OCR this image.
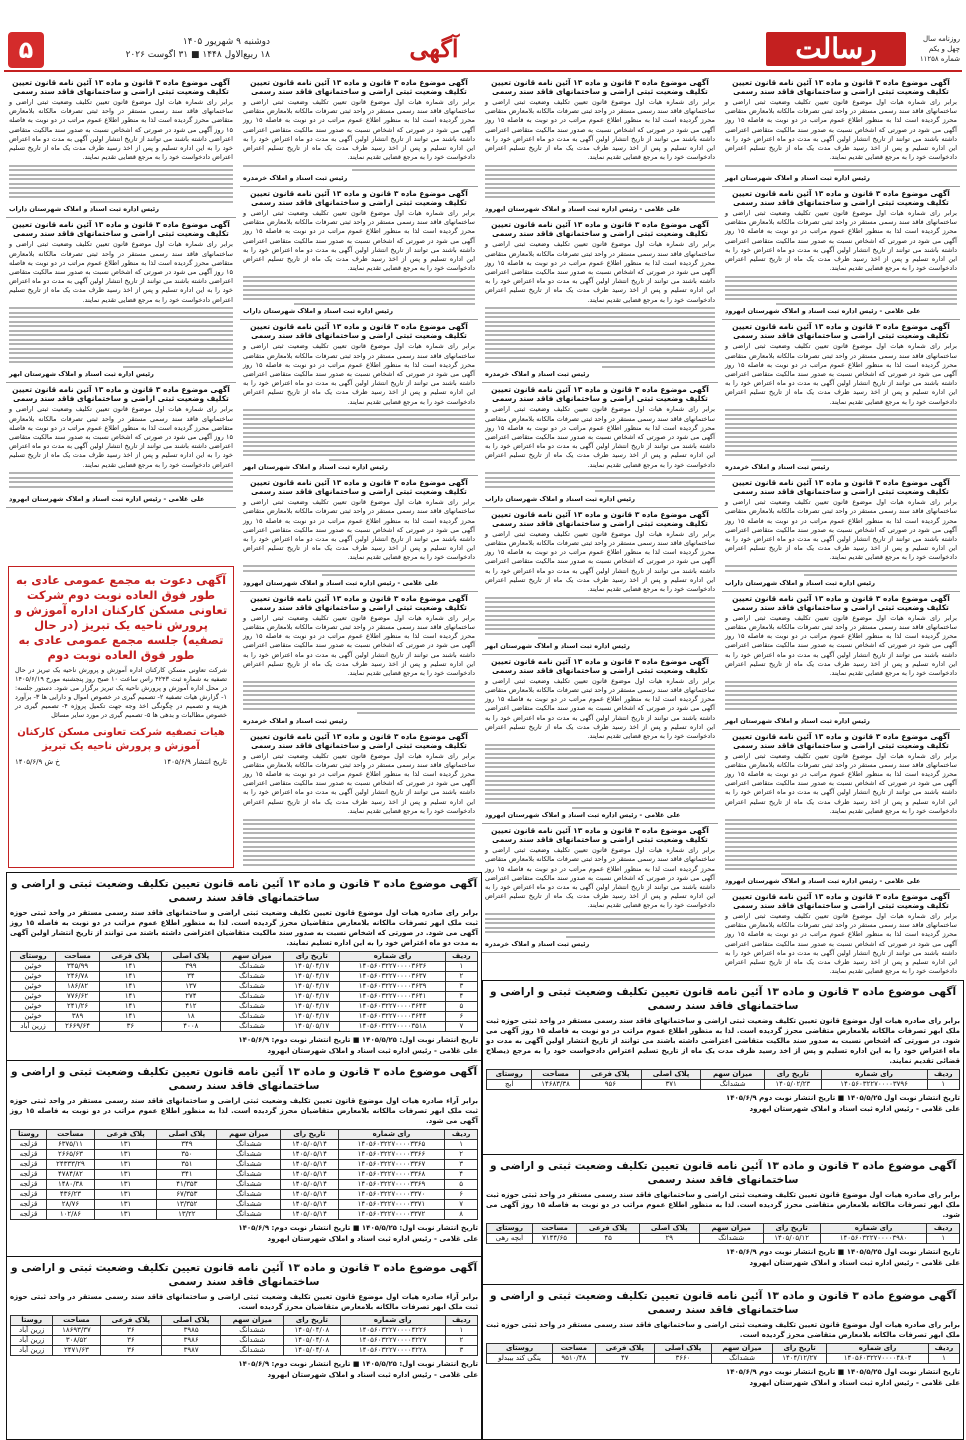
۵	دوشنبه ۹ شهریور ۱۴۰۵
۱۸ ربیع‌الاول ۱۴۴۸ ■ ۳۱ اگوست ۲۰۲۶	آگهی	رسالت	روزنامه سال چهل و یکم
شماره ۱۱۲۵۸
آگهی موضوع ماده ۳ قانون و ماده ۱۳ آئین نامه قانون تعیین تکلیف وضعیت ثبتی اراضی و ساختمانهای فاقد سند رسمی

برابر رای شماره هیات اول موضوع قانون تعیین تکلیف وضعیت ثبتی اراضی و ساختمانهای فاقد سند رسمی مستقر در واحد ثبتی تصرفات مالکانه بلامعارض متقاضی محرز گردیده است لذا به منظور اطلاع عموم مراتب در دو نوبت به فاصله ۱۵ روز آگهی می شود در صورتی که اشخاص نسبت به صدور سند مالکیت متقاضی اعتراضی داشته باشند می توانند از تاریخ انتشار اولین آگهی به مدت دو ماه اعتراض خود را به این اداره تسلیم و پس از اخذ رسید ظرف مدت یک ماه از تاریخ تسلیم اعتراض دادخواست خود را به مرجع قضایی تقدیم نمایند.

رئیس اداره ثبت اسناد و املاک شهرستان ابهر
آگهی موضوع ماده ۳ قانون و ماده ۱۳ آئین نامه قانون تعیین تکلیف وضعیت ثبتی اراضی و ساختمانهای فاقد سند رسمی

برابر رای شماره هیات اول موضوع قانون تعیین تکلیف وضعیت ثبتی اراضی و ساختمانهای فاقد سند رسمی مستقر در واحد ثبتی تصرفات مالکانه بلامعارض متقاضی محرز گردیده است لذا به منظور اطلاع عموم مراتب در دو نوبت به فاصله ۱۵ روز آگهی می شود در صورتی که اشخاص نسبت به صدور سند مالکیت متقاضی اعتراضی داشته باشند می توانند از تاریخ انتشار اولین آگهی به مدت دو ماه اعتراض خود را به این اداره تسلیم و پس از اخذ رسید ظرف مدت یک ماه از تاریخ تسلیم اعتراض دادخواست خود را به مرجع قضایی تقدیم نمایند.

علی غلامی - رئیس اداره ثبت اسناد و املاک شهرستان ابهرود
آگهی موضوع ماده ۳ قانون و ماده ۱۳ آئین نامه قانون تعیین تکلیف وضعیت ثبتی اراضی و ساختمانهای فاقد سند رسمی

برابر رای شماره هیات اول موضوع قانون تعیین تکلیف وضعیت ثبتی اراضی و ساختمانهای فاقد سند رسمی مستقر در واحد ثبتی تصرفات مالکانه بلامعارض متقاضی محرز گردیده است لذا به منظور اطلاع عموم مراتب در دو نوبت به فاصله ۱۵ روز آگهی می شود در صورتی که اشخاص نسبت به صدور سند مالکیت متقاضی اعتراضی داشته باشند می توانند از تاریخ انتشار اولین آگهی به مدت دو ماه اعتراض خود را به این اداره تسلیم و پس از اخذ رسید ظرف مدت یک ماه از تاریخ تسلیم اعتراض دادخواست خود را به مرجع قضایی تقدیم نمایند.

رئیس ثبت اسناد و املاک خرمدره
آگهی موضوع ماده ۳ قانون و ماده ۱۳ آئین نامه قانون تعیین تکلیف وضعیت ثبتی اراضی و ساختمانهای فاقد سند رسمی

برابر رای شماره هیات اول موضوع قانون تعیین تکلیف وضعیت ثبتی اراضی و ساختمانهای فاقد سند رسمی مستقر در واحد ثبتی تصرفات مالکانه بلامعارض متقاضی محرز گردیده است لذا به منظور اطلاع عموم مراتب در دو نوبت به فاصله ۱۵ روز آگهی می شود در صورتی که اشخاص نسبت به صدور سند مالکیت متقاضی اعتراضی داشته باشند می توانند از تاریخ انتشار اولین آگهی به مدت دو ماه اعتراض خود را به این اداره تسلیم و پس از اخذ رسید ظرف مدت یک ماه از تاریخ تسلیم اعتراض دادخواست خود را به مرجع قضایی تقدیم نمایند.

رئیس اداره ثبت اسناد و املاک شهرستان داراب
آگهی موضوع ماده ۳ قانون و ماده ۱۳ آئین نامه قانون تعیین تکلیف وضعیت ثبتی اراضی و ساختمانهای فاقد سند رسمی

برابر رای شماره هیات اول موضوع قانون تعیین تکلیف وضعیت ثبتی اراضی و ساختمانهای فاقد سند رسمی مستقر در واحد ثبتی تصرفات مالکانه بلامعارض متقاضی محرز گردیده است لذا به منظور اطلاع عموم مراتب در دو نوبت به فاصله ۱۵ روز آگهی می شود در صورتی که اشخاص نسبت به صدور سند مالکیت متقاضی اعتراضی داشته باشند می توانند از تاریخ انتشار اولین آگهی به مدت دو ماه اعتراض خود را به این اداره تسلیم و پس از اخذ رسید ظرف مدت یک ماه از تاریخ تسلیم اعتراض دادخواست خود را به مرجع قضایی تقدیم نمایند.

رئیس اداره ثبت اسناد و املاک شهرستان ابهر
آگهی موضوع ماده ۳ قانون و ماده ۱۳ آئین نامه قانون تعیین تکلیف وضعیت ثبتی اراضی و ساختمانهای فاقد سند رسمی

برابر رای شماره هیات اول موضوع قانون تعیین تکلیف وضعیت ثبتی اراضی و ساختمانهای فاقد سند رسمی مستقر در واحد ثبتی تصرفات مالکانه بلامعارض متقاضی محرز گردیده است لذا به منظور اطلاع عموم مراتب در دو نوبت به فاصله ۱۵ روز آگهی می شود در صورتی که اشخاص نسبت به صدور سند مالکیت متقاضی اعتراضی داشته باشند می توانند از تاریخ انتشار اولین آگهی به مدت دو ماه اعتراض خود را به این اداره تسلیم و پس از اخذ رسید ظرف مدت یک ماه از تاریخ تسلیم اعتراض دادخواست خود را به مرجع قضایی تقدیم نمایند.

علی غلامی - رئیس اداره ثبت اسناد و املاک شهرستان ابهرود
آگهی موضوع ماده ۳ قانون و ماده ۱۳ آئین نامه قانون تعیین تکلیف وضعیت ثبتی اراضی و ساختمانهای فاقد سند رسمی

برابر رای شماره هیات اول موضوع قانون تعیین تکلیف وضعیت ثبتی اراضی و ساختمانهای فاقد سند رسمی مستقر در واحد ثبتی تصرفات مالکانه بلامعارض متقاضی محرز گردیده است لذا به منظور اطلاع عموم مراتب در دو نوبت به فاصله ۱۵ روز آگهی می شود در صورتی که اشخاص نسبت به صدور سند مالکیت متقاضی اعتراضی داشته باشند می توانند از تاریخ انتشار اولین آگهی به مدت دو ماه اعتراض خود را به این اداره تسلیم و پس از اخذ رسید ظرف مدت یک ماه از تاریخ تسلیم اعتراض دادخواست خود را به مرجع قضایی تقدیم نمایند.

آگهی موضوع ماده ۳ قانون و ماده ۱۳ آئین نامه قانون تعیین تکلیف وضعیت ثبتی اراضی و ساختمانهای فاقد سند رسمی

برابر رای شماره هیات اول موضوع قانون تعیین تکلیف وضعیت ثبتی اراضی و ساختمانهای فاقد سند رسمی مستقر در واحد ثبتی تصرفات مالکانه بلامعارض متقاضی محرز گردیده است لذا به منظور اطلاع عموم مراتب در دو نوبت به فاصله ۱۵ روز آگهی می شود در صورتی که اشخاص نسبت به صدور سند مالکیت متقاضی اعتراضی داشته باشند می توانند از تاریخ انتشار اولین آگهی به مدت دو ماه اعتراض خود را به این اداره تسلیم و پس از اخذ رسید ظرف مدت یک ماه از تاریخ تسلیم اعتراض دادخواست خود را به مرجع قضایی تقدیم نمایند.

علی غلامی - رئیس اداره ثبت اسناد و املاک شهرستان ابهرود
آگهی موضوع ماده ۳ قانون و ماده ۱۳ آئین نامه قانون تعیین تکلیف وضعیت ثبتی اراضی و ساختمانهای فاقد سند رسمی

برابر رای شماره هیات اول موضوع قانون تعیین تکلیف وضعیت ثبتی اراضی و ساختمانهای فاقد سند رسمی مستقر در واحد ثبتی تصرفات مالکانه بلامعارض متقاضی محرز گردیده است لذا به منظور اطلاع عموم مراتب در دو نوبت به فاصله ۱۵ روز آگهی می شود در صورتی که اشخاص نسبت به صدور سند مالکیت متقاضی اعتراضی داشته باشند می توانند از تاریخ انتشار اولین آگهی به مدت دو ماه اعتراض خود را به این اداره تسلیم و پس از اخذ رسید ظرف مدت یک ماه از تاریخ تسلیم اعتراض دادخواست خود را به مرجع قضایی تقدیم نمایند.

رئیس ثبت اسناد و املاک خرمدره
آگهی موضوع ماده ۳ قانون و ماده ۱۳ آئین نامه قانون تعیین تکلیف وضعیت ثبتی اراضی و ساختمانهای فاقد سند رسمی

برابر رای شماره هیات اول موضوع قانون تعیین تکلیف وضعیت ثبتی اراضی و ساختمانهای فاقد سند رسمی مستقر در واحد ثبتی تصرفات مالکانه بلامعارض متقاضی محرز گردیده است لذا به منظور اطلاع عموم مراتب در دو نوبت به فاصله ۱۵ روز آگهی می شود در صورتی که اشخاص نسبت به صدور سند مالکیت متقاضی اعتراضی داشته باشند می توانند از تاریخ انتشار اولین آگهی به مدت دو ماه اعتراض خود را به این اداره تسلیم و پس از اخذ رسید ظرف مدت یک ماه از تاریخ تسلیم اعتراض دادخواست خود را به مرجع قضایی تقدیم نمایند.

رئیس اداره ثبت اسناد و املاک شهرستان داراب
آگهی موضوع ماده ۳ قانون و ماده ۱۳ آئین نامه قانون تعیین تکلیف وضعیت ثبتی اراضی و ساختمانهای فاقد سند رسمی

برابر رای شماره هیات اول موضوع قانون تعیین تکلیف وضعیت ثبتی اراضی و ساختمانهای فاقد سند رسمی مستقر در واحد ثبتی تصرفات مالکانه بلامعارض متقاضی محرز گردیده است لذا به منظور اطلاع عموم مراتب در دو نوبت به فاصله ۱۵ روز آگهی می شود در صورتی که اشخاص نسبت به صدور سند مالکیت متقاضی اعتراضی داشته باشند می توانند از تاریخ انتشار اولین آگهی به مدت دو ماه اعتراض خود را به این اداره تسلیم و پس از اخذ رسید ظرف مدت یک ماه از تاریخ تسلیم اعتراض دادخواست خود را به مرجع قضایی تقدیم نمایند.

رئیس اداره ثبت اسناد و املاک شهرستان ابهر
آگهی موضوع ماده ۳ قانون و ماده ۱۳ آئین نامه قانون تعیین تکلیف وضعیت ثبتی اراضی و ساختمانهای فاقد سند رسمی

برابر رای شماره هیات اول موضوع قانون تعیین تکلیف وضعیت ثبتی اراضی و ساختمانهای فاقد سند رسمی مستقر در واحد ثبتی تصرفات مالکانه بلامعارض متقاضی محرز گردیده است لذا به منظور اطلاع عموم مراتب در دو نوبت به فاصله ۱۵ روز آگهی می شود در صورتی که اشخاص نسبت به صدور سند مالکیت متقاضی اعتراضی داشته باشند می توانند از تاریخ انتشار اولین آگهی به مدت دو ماه اعتراض خود را به این اداره تسلیم و پس از اخذ رسید ظرف مدت یک ماه از تاریخ تسلیم اعتراض دادخواست خود را به مرجع قضایی تقدیم نمایند.

علی غلامی - رئیس اداره ثبت اسناد و املاک شهرستان ابهرود
آگهی موضوع ماده ۳ قانون و ماده ۱۳ آئین نامه قانون تعیین تکلیف وضعیت ثبتی اراضی و ساختمانهای فاقد سند رسمی

برابر رای شماره هیات اول موضوع قانون تعیین تکلیف وضعیت ثبتی اراضی و ساختمانهای فاقد سند رسمی مستقر در واحد ثبتی تصرفات مالکانه بلامعارض متقاضی محرز گردیده است لذا به منظور اطلاع عموم مراتب در دو نوبت به فاصله ۱۵ روز آگهی می شود در صورتی که اشخاص نسبت به صدور سند مالکیت متقاضی اعتراضی داشته باشند می توانند از تاریخ انتشار اولین آگهی به مدت دو ماه اعتراض خود را به این اداره تسلیم و پس از اخذ رسید ظرف مدت یک ماه از تاریخ تسلیم اعتراض دادخواست خود را به مرجع قضایی تقدیم نمایند.

رئیس ثبت اسناد و املاک خرمدره
آگهی موضوع ماده ۳ قانون و ماده ۱۳ آئین نامه قانون تعیین تکلیف وضعیت ثبتی اراضی و ساختمانهای فاقد سند رسمی

برابر رای شماره هیات اول موضوع قانون تعیین تکلیف وضعیت ثبتی اراضی و ساختمانهای فاقد سند رسمی مستقر در واحد ثبتی تصرفات مالکانه بلامعارض متقاضی محرز گردیده است لذا به منظور اطلاع عموم مراتب در دو نوبت به فاصله ۱۵ روز آگهی می شود در صورتی که اشخاص نسبت به صدور سند مالکیت متقاضی اعتراضی داشته باشند می توانند از تاریخ انتشار اولین آگهی به مدت دو ماه اعتراض خود را به این اداره تسلیم و پس از اخذ رسید ظرف مدت یک ماه از تاریخ تسلیم اعتراض دادخواست خود را به مرجع قضایی تقدیم نمایند.

رئیس ثبت اسناد و املاک خرمدره
آگهی موضوع ماده ۳ قانون و ماده ۱۳ آئین نامه قانون تعیین تکلیف وضعیت ثبتی اراضی و ساختمانهای فاقد سند رسمی

برابر رای شماره هیات اول موضوع قانون تعیین تکلیف وضعیت ثبتی اراضی و ساختمانهای فاقد سند رسمی مستقر در واحد ثبتی تصرفات مالکانه بلامعارض متقاضی محرز گردیده است لذا به منظور اطلاع عموم مراتب در دو نوبت به فاصله ۱۵ روز آگهی می شود در صورتی که اشخاص نسبت به صدور سند مالکیت متقاضی اعتراضی داشته باشند می توانند از تاریخ انتشار اولین آگهی به مدت دو ماه اعتراض خود را به این اداره تسلیم و پس از اخذ رسید ظرف مدت یک ماه از تاریخ تسلیم اعتراض دادخواست خود را به مرجع قضایی تقدیم نمایند.

رئیس اداره ثبت اسناد و املاک شهرستان داراب
آگهی موضوع ماده ۳ قانون و ماده ۱۳ آئین نامه قانون تعیین تکلیف وضعیت ثبتی اراضی و ساختمانهای فاقد سند رسمی

برابر رای شماره هیات اول موضوع قانون تعیین تکلیف وضعیت ثبتی اراضی و ساختمانهای فاقد سند رسمی مستقر در واحد ثبتی تصرفات مالکانه بلامعارض متقاضی محرز گردیده است لذا به منظور اطلاع عموم مراتب در دو نوبت به فاصله ۱۵ روز آگهی می شود در صورتی که اشخاص نسبت به صدور سند مالکیت متقاضی اعتراضی داشته باشند می توانند از تاریخ انتشار اولین آگهی به مدت دو ماه اعتراض خود را به این اداره تسلیم و پس از اخذ رسید ظرف مدت یک ماه از تاریخ تسلیم اعتراض دادخواست خود را به مرجع قضایی تقدیم نمایند.

رئیس اداره ثبت اسناد و املاک شهرستان ابهر
آگهی موضوع ماده ۳ قانون و ماده ۱۳ آئین نامه قانون تعیین تکلیف وضعیت ثبتی اراضی و ساختمانهای فاقد سند رسمی

برابر رای شماره هیات اول موضوع قانون تعیین تکلیف وضعیت ثبتی اراضی و ساختمانهای فاقد سند رسمی مستقر در واحد ثبتی تصرفات مالکانه بلامعارض متقاضی محرز گردیده است لذا به منظور اطلاع عموم مراتب در دو نوبت به فاصله ۱۵ روز آگهی می شود در صورتی که اشخاص نسبت به صدور سند مالکیت متقاضی اعتراضی داشته باشند می توانند از تاریخ انتشار اولین آگهی به مدت دو ماه اعتراض خود را به این اداره تسلیم و پس از اخذ رسید ظرف مدت یک ماه از تاریخ تسلیم اعتراض دادخواست خود را به مرجع قضایی تقدیم نمایند.

علی غلامی - رئیس اداره ثبت اسناد و املاک شهرستان ابهرود
آگهی موضوع ماده ۳ قانون و ماده ۱۳ آئین نامه قانون تعیین تکلیف وضعیت ثبتی اراضی و ساختمانهای فاقد سند رسمی

برابر رای شماره هیات اول موضوع قانون تعیین تکلیف وضعیت ثبتی اراضی و ساختمانهای فاقد سند رسمی مستقر در واحد ثبتی تصرفات مالکانه بلامعارض متقاضی محرز گردیده است لذا به منظور اطلاع عموم مراتب در دو نوبت به فاصله ۱۵ روز آگهی می شود در صورتی که اشخاص نسبت به صدور سند مالکیت متقاضی اعتراضی داشته باشند می توانند از تاریخ انتشار اولین آگهی به مدت دو ماه اعتراض خود را به این اداره تسلیم و پس از اخذ رسید ظرف مدت یک ماه از تاریخ تسلیم اعتراض دادخواست خود را به مرجع قضایی تقدیم نمایند.

رئیس ثبت اسناد و املاک خرمدره
آگهی موضوع ماده ۳ قانون و ماده ۱۳ آئین نامه قانون تعیین تکلیف وضعیت ثبتی اراضی و ساختمانهای فاقد سند رسمی

برابر رای شماره هیات اول موضوع قانون تعیین تکلیف وضعیت ثبتی اراضی و ساختمانهای فاقد سند رسمی مستقر در واحد ثبتی تصرفات مالکانه بلامعارض متقاضی محرز گردیده است لذا به منظور اطلاع عموم مراتب در دو نوبت به فاصله ۱۵ روز آگهی می شود در صورتی که اشخاص نسبت به صدور سند مالکیت متقاضی اعتراضی داشته باشند می توانند از تاریخ انتشار اولین آگهی به مدت دو ماه اعتراض خود را به این اداره تسلیم و پس از اخذ رسید ظرف مدت یک ماه از تاریخ تسلیم اعتراض دادخواست خود را به مرجع قضایی تقدیم نمایند.

آگهی موضوع ماده ۳ قانون و ماده ۱۳ آئین نامه قانون تعیین تکلیف وضعیت ثبتی اراضی و ساختمانهای فاقد سند رسمی

برابر رای شماره هیات اول موضوع قانون تعیین تکلیف وضعیت ثبتی اراضی و ساختمانهای فاقد سند رسمی مستقر در واحد ثبتی تصرفات مالکانه بلامعارض متقاضی محرز گردیده است لذا به منظور اطلاع عموم مراتب در دو نوبت به فاصله ۱۵ روز آگهی می شود در صورتی که اشخاص نسبت به صدور سند مالکیت متقاضی اعتراضی داشته باشند می توانند از تاریخ انتشار اولین آگهی به مدت دو ماه اعتراض خود را به این اداره تسلیم و پس از اخذ رسید ظرف مدت یک ماه از تاریخ تسلیم اعتراض دادخواست خود را به مرجع قضایی تقدیم نمایند.

رئیس اداره ثبت اسناد و املاک شهرستان داراب
آگهی موضوع ماده ۳ قانون و ماده ۱۳ آئین نامه قانون تعیین تکلیف وضعیت ثبتی اراضی و ساختمانهای فاقد سند رسمی

برابر رای شماره هیات اول موضوع قانون تعیین تکلیف وضعیت ثبتی اراضی و ساختمانهای فاقد سند رسمی مستقر در واحد ثبتی تصرفات مالکانه بلامعارض متقاضی محرز گردیده است لذا به منظور اطلاع عموم مراتب در دو نوبت به فاصله ۱۵ روز آگهی می شود در صورتی که اشخاص نسبت به صدور سند مالکیت متقاضی اعتراضی داشته باشند می توانند از تاریخ انتشار اولین آگهی به مدت دو ماه اعتراض خود را به این اداره تسلیم و پس از اخذ رسید ظرف مدت یک ماه از تاریخ تسلیم اعتراض دادخواست خود را به مرجع قضایی تقدیم نمایند.

رئیس اداره ثبت اسناد و املاک شهرستان ابهر
آگهی موضوع ماده ۳ قانون و ماده ۱۳ آئین نامه قانون تعیین تکلیف وضعیت ثبتی اراضی و ساختمانهای فاقد سند رسمی

برابر رای شماره هیات اول موضوع قانون تعیین تکلیف وضعیت ثبتی اراضی و ساختمانهای فاقد سند رسمی مستقر در واحد ثبتی تصرفات مالکانه بلامعارض متقاضی محرز گردیده است لذا به منظور اطلاع عموم مراتب در دو نوبت به فاصله ۱۵ روز آگهی می شود در صورتی که اشخاص نسبت به صدور سند مالکیت متقاضی اعتراضی داشته باشند می توانند از تاریخ انتشار اولین آگهی به مدت دو ماه اعتراض خود را به این اداره تسلیم و پس از اخذ رسید ظرف مدت یک ماه از تاریخ تسلیم اعتراض دادخواست خود را به مرجع قضایی تقدیم نمایند.

علی غلامی - رئیس اداره ثبت اسناد و املاک شهرستان ابهرود
آگهی دعوت به مجمع عمومی عادی به طور فوق العاده نوبت دوم شرکت تعاونی مسکن کارکنان اداره آموزش و پرورش ناحیه یک تبریز (در حال تصفیه) جلسه مجمع عمومی عادی به طور فوق العاده نوبت دوم

شرکت تعاونی مسکن کارکنان اداره آموزش و پرورش ناحیه یک تبریز در حال تصفیه به شماره ثبت ۴۲۴۳ راس ساعت ۱۰ صبح روز پنجشنبه مورخ ۱۴۰۵/۶/۱۹ در محل اداره آموزش و پرورش ناحیه یک تبریز برگزار می شود. دستور جلسه: ۱- گزارش هیات تصفیه ۲- تصمیم گیری در خصوص اموال و دارایی ها ۳- برآورد هزینه و تصمیم در چگونگی اخذ وجه جهت تکمیل پروژه ۴- تصمیم گیری در خصوص مطالبات و بدهی ها ۵- تصمیم گیری در مورد سایر مسائل

هیات تصفیه شرکت تعاونی مسکن کارکنان آموزش و پرورش ناحیه یک تبریز
تاریخ انتشار ۱۴۰۵/۶/۹
خ ش ۱۴۰۵/۶/۹
آگهی موضوع ماده ۳ قانون و ماده ۱۳ آئین نامه قانون تعیین تکلیف وضعیت ثبتی و اراضی و ساختمانهای فاقد سند رسمی
برابر رای صادره هیات اول موضوع قانون تعیین تکلیف وضعیت ثبتی اراضی و ساختمانهای فاقد سند رسمی مستقر در واحد ثبتی حوزه ثبت ملک ابهر تصرفات مالکانه بلامعارض متقاضیان محرز گردیده است. لذا به منظور اطلاع عموم مراتب در دو نوبت به فاصله ۱۵ روز آگهی می شود. در صورتی که اشخاص نسبت به صدور سند مالکیت متقاضیان اعتراضی داشته باشند می توانند از تاریخ انتشار اولین آگهی به مدت دو ماه اعتراض خود را به این اداره تسلیم نمایند.
ردیف	رای شماره	تاریخ رای	میزان سهم	پلاک اصلی	پلاک فرعی	مساحت	روستای
۱	۱۴۰۵۶۰۳۲۲۷۰۰۰۰۳۶۳۶	۱۴۰۵/۰۴/۱۷	ششدانگ	۳۹۹	۱۴۱	۳۴۵/۹۹	خوئین
۲	۱۴۰۵۶۰۳۲۲۷۰۰۰۰۳۶۳۷	۱۴۰۵/۰۴/۱۷	ششدانگ	۳۴	۱۴۱	۲۴۶/۷۸	خوئین
۳	۱۴۰۵۶۰۳۲۲۷۰۰۰۰۳۶۳۹	۱۴۰۵/۰۴/۱۷	ششدانگ	۱۳۷	۱۴۱	۱۸۶/۸۲	خوئین
۴	۱۴۰۵۶۰۳۲۲۷۰۰۰۰۳۶۴۱	۱۴۰۵/۰۴/۱۷	ششدانگ	۲۷۴	۱۴۱	۷۷۶/۶۲	خوئین
۵	۱۴۰۵۶۰۳۲۲۷۰۰۰۰۳۶۴۳	۱۴۰۵/۰۴/۱۷	ششدانگ	۴۱۲	۱۴۱	۲۴۱/۲۶	خوئین
۶	۱۴۰۵۶۰۳۲۲۷۰۰۰۰۳۶۴۴	۱۴۰۵/۰۴/۱۷	ششدانگ	۱۸	۱۴۱	۳۸۹	خوئین
۷	۱۴۰۵۶۰۳۲۲۷۰۰۰۰۳۵۱۸	۱۴۰۵/۰۵/۱۷	ششدانگ	۴۰۰۸	۳۶	۲۶۶۹/۶۴	زرین آباد
تاریخ انتشار نوبت اول: ۱۴۰۵/۵/۲۵ ■ تاریخ انتشار نوبت دوم: ۱۴۰۵/۶/۹
علی غلامی - رئیس اداره ثبت اسناد و املاک شهرستان ابهرود
آگهی موضوع ماده ۳ قانون و ماده ۱۳ آئین نامه قانون تعیین تکلیف وضعیت ثبتی و اراضی و ساختمانهای فاقد سند رسمی
برابر آراء صادره هیات اول موضوع قانون تعیین تکلیف وضعیت ثبتی اراضی و ساختمانهای فاقد سند رسمی مستقر در واحد ثبتی حوزه ثبت ملک ابهر تصرفات مالکانه بلامعارض متقاضیان محرز گردیده است. لذا به منظور اطلاع عموم مراتب در دو نوبت به فاصله ۱۵ روز آگهی می شود.
ردیف	رای شماره	تاریخ رای	میزان سهم	پلاک اصلی	پلاک فرعی	مساحت	روستا
۱	۱۴۰۵۶۰۳۲۲۷۰۰۰۰۳۳۶۵	۱۴۰۵/۰۵/۱۴	ششدانگ	۳۴۹	۱۳۱	۶۳۷۵/۱۱	قزلجه
۲	۱۴۰۵۶۰۳۲۲۷۰۰۰۰۳۳۶۶	۱۴۰۵/۰۵/۱۴	ششدانگ	۳۵۰	۱۳۱	۲۶۶۵/۶۳	قزلجه
۳	۱۴۰۵۶۰۳۲۲۷۰۰۰۰۳۳۶۷	۱۴۰۵/۰۵/۱۴	ششدانگ	۳۵۱	۱۳۱	۲۴۳۳۳/۲۹	قزلجه
۴	۱۴۰۵۶۰۳۲۲۷۰۰۰۰۳۳۶۸	۱۴۰۵/۰۵/۱۴	ششدانگ	۳۴۱	۱۳۱	۴۷۸۴/۸۲	قزلجه
۵	۱۴۰۵۶۰۳۲۲۷۰۰۰۰۳۳۶۹	۱۴۰۵/۰۵/۱۴	ششدانگ	۴۱/۳۵۳	۱۳۱	۱۴۸۰/۳۸	قزلجه
۶	۱۴۰۵۶۰۳۲۲۷۰۰۰۰۳۳۷۰	۱۴۰۵/۰۵/۱۴	ششدانگ	۶۷/۳۵۳	۱۳۱	۴۳۶/۲۳	قزلجه
۷	۱۴۰۵۶۰۳۲۲۷۰۰۰۰۳۳۷۱	۱۴۰۵/۰۵/۱۴	ششدانگ	۱۳/۳۵۲	۱۳۱	۲۸/۷۶	قزلجه
۸	۱۴۰۵۶۰۳۲۲۷۰۰۰۰۳۳۷۲	۱۴۰۵/۰۵/۱۴	ششدانگ	۱۳/۲۲	۱۳۱	۱۰۲/۸۶	قزلجه
تاریخ انتشار نوبت اول: ۱۴۰۵/۵/۲۵ ■ تاریخ انتشار نوبت دوم: ۱۴۰۵/۶/۹
علی غلامی - رئیس اداره ثبت اسناد و املاک شهرستان ابهرود
آگهی موضوع ماده ۳ قانون و ماده ۱۳ آئین نامه قانون تعیین تکلیف وضعیت ثبتی و اراضی و ساختمانهای فاقد سند رسمی
برابر آراء صادره هیات اول موضوع قانون تعیین تکلیف وضعیت ثبتی اراضی و ساختمانهای فاقد سند رسمی مستقر در واحد ثبتی حوزه ثبت ملک ابهر تصرفات مالکانه بلامعارض متقاضیان محرز گردیده است.
ردیف	رای شماره	تاریخ رای	میزان سهم	پلاک اصلی	پلاک فرعی	مساحت	روستا
۱	۱۴۰۵۶۰۳۲۲۷۰۰۰۰۴۲۲۶	۱۴۰۵/۰۴/۰۸	ششدانگ	۳۹۸۵	۳۶	۱۸۶۹۳/۳۷	زرین آباد
۲	۱۴۰۵۶۰۳۲۲۷۰۰۰۰۴۲۲۷	۱۴۰۵/۰۴/۰۸	ششدانگ	۳۹۸۶	۳۶	۳۰۸/۵۲	زرین آباد
۳	۱۴۰۵۶۰۳۲۲۷۰۰۰۰۴۲۲۸	۱۴۰۵/۰۴/۰۸	ششدانگ	۳۹۸۷	۳۶	۲۴۷۱/۶۳	زرین آباد
تاریخ انتشار نوبت اول: ۱۴۰۵/۵/۲۵ ■ تاریخ انتشار نوبت دوم: ۱۴۰۵/۶/۹
علی غلامی - رئیس اداره ثبت اسناد و املاک شهرستان ابهرود
آگهی موضوع ماده ۳ قانون و ماده ۱۳ آئین نامه قانون تعیین تکلیف وضعیت ثبتی و اراضی و ساختمانهای فاقد سند رسمی
برابر رای صادره هیات اول موضوع قانون تعیین تکلیف وضعیت ثبتی اراضی و ساختمانهای فاقد سند رسمی مستقر در واحد ثبتی حوزه ثبت ملک ابهر تصرفات مالکانه بلامعارض متقاضی محرز گردیده است. لذا به منظور اطلاع عموم مراتب در دو نوبت به فاصله ۱۵ روز آگهی می شود. در صورتی که اشخاص نسبت به صدور سند مالکیت متقاضی اعتراضی داشته باشند می توانند از تاریخ انتشار اولین آگهی به مدت دو ماه اعتراض خود را به این اداره تسلیم و پس از اخذ رسید ظرف مدت یک ماه از تاریخ تسلیم اعتراض دادخواست خود را به مرجع ذیصلاح قضائی تقدیم نمایند.
ردیف	رای شماره	تاریخ رای	میزان سهم	پلاک اصلی	پلاک فرعی	مساحت	روستای
۱	۱۴۰۵۶۰۳۲۲۷۰۰۰۰۳۷۹۶	۱۴۰۵/۰۲/۲۳	ششدانگ	۳۷۱	۹۵۶	۱۴۶۸۳/۳۸	ابج
تاریخ انتشار نوبت اول ۱۴۰۵/۵/۲۵ ■ تاریخ انتشار نوبت دوم ۱۴۰۵/۶/۹
علی غلامی - رئیس اداره ثبت اسناد و املاک شهرستان ابهرود
آگهی موضوع ماده ۳ قانون و ماده ۱۳ آئین نامه قانون تعیین تکلیف وضعیت ثبتی و اراضی و ساختمانهای فاقد سند رسمی
برابر رای صادره هیات اول موضوع قانون تعیین تکلیف وضعیت ثبتی اراضی و ساختمانهای فاقد سند رسمی مستقر در واحد ثبتی حوزه ثبت ملک ابهر تصرفات مالکانه بلامعارض متقاضی محرز گردیده است. لذا به منظور اطلاع عموم مراتب در دو نوبت به فاصله ۱۵ روز آگهی می شود.
ردیف	رای شماره	تاریخ رای	میزان سهم	پلاک اصلی	پلاک فرعی	مساحت	روستای
۱	۱۴۰۵۶۰۳۲۲۷۰۰۰۰۳۹۸۰	۱۴۰۵/۰۵/۱۲	ششدانگ	۲۹	۴۵	۷۱۴۴/۶۵	ابچه رهی
تاریخ انتشار نوبت اول ۱۴۰۵/۵/۲۵ ■ تاریخ انتشار نوبت دوم ۱۴۰۵/۶/۹
علی غلامی - رئیس اداره ثبت اسناد و املاک شهرستان ابهرود
آگهی موضوع ماده ۳ قانون و ماده ۱۳ آئین نامه قانون تعیین تکلیف وضعیت ثبتی و اراضی و ساختمانهای فاقد سند رسمی
برابر رای صادره هیات اول موضوع قانون تعیین تکلیف وضعیت ثبتی اراضی و ساختمانهای فاقد سند رسمی مستقر در واحد ثبتی حوزه ثبت ملک ابهر تصرفات مالکانه بلامعارض متقاضی محرز گردیده است.
ردیف	رای شماره	تاریخ رای	میزان سهم	پلاک اصلی	پلاک فرعی	مساحت	روستای
۱	۱۴۰۵۶۰۳۲۲۷۰۰۰۰۴۸۰۴	۱۴۰۴/۱۲/۲۷	ششدانگ	۳۶۶۰	۴۷	۹۵۱۰/۴۸	ینگی کند بیبدلو
تاریخ انتشار نوبت اول ۱۴۰۵/۵/۲۵ ■ تاریخ انتشار نوبت دوم ۱۴۰۵/۶/۹
علی غلامی - رئیس اداره ثبت اسناد و املاک شهرستان ابهرود
